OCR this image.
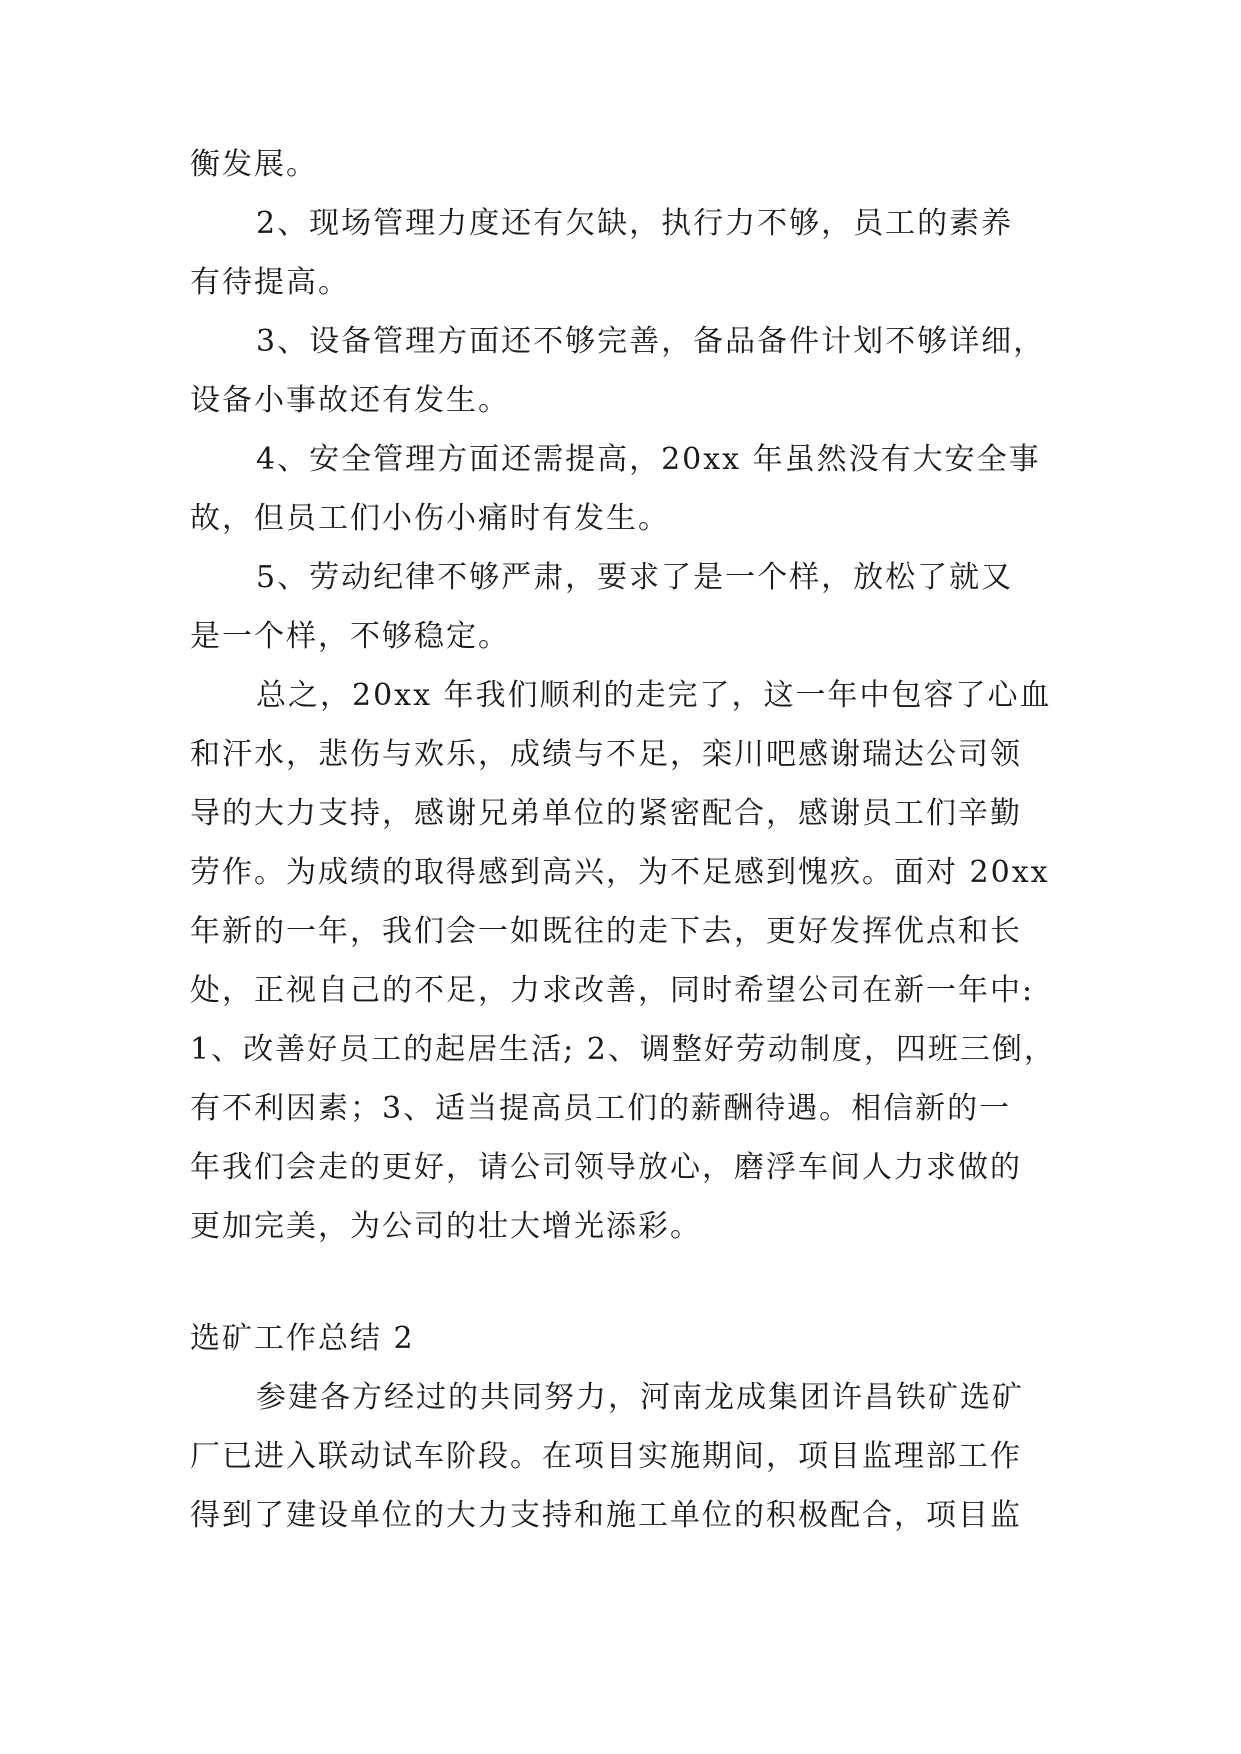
衡发展。
2、现场管理力度还有欠缺，执行力不够，员工的素养
有待提高。
3、设备管理方面还不够完善，备品备件计划不够详细，
设备小事故还有发生。
4、安全管理方面还需提高，20xx 年虽然没有大安全事
故，但员工们小伤小痛时有发生。
5、劳动纪律不够严肃，要求了是一个样，放松了就又
是一个样，不够稳定。
总之，20xx 年我们顺利的走完了，这一年中包容了心血
和汗水，悲伤与欢乐，成绩与不足，栾川吧感谢瑞达公司领
导的大力支持，感谢兄弟单位的紧密配合，感谢员工们辛勤
劳作。为成绩的取得感到高兴，为不足感到愧疚。面对 20xx
年新的一年，我们会一如既往的走下去，更好发挥优点和长
处，正视自己的不足，力求改善，同时希望公司在新一年中:
1、改善好员工的起居生活; 2、调整好劳动制度，四班三倒，
有不利因素；3、适当提高员工们的薪酬待遇。相信新的一
年我们会走的更好，请公司领导放心，磨浮车间人力求做的
更加完美，为公司的壮大增光添彩。
选矿工作总结 2
参建各方经过的共同努力，河南龙成集团许昌铁矿选矿
厂已进入联动试车阶段。在项目实施期间，项目监理部工作
得到了建设单位的大力支持和施工单位的积极配合，项目监
